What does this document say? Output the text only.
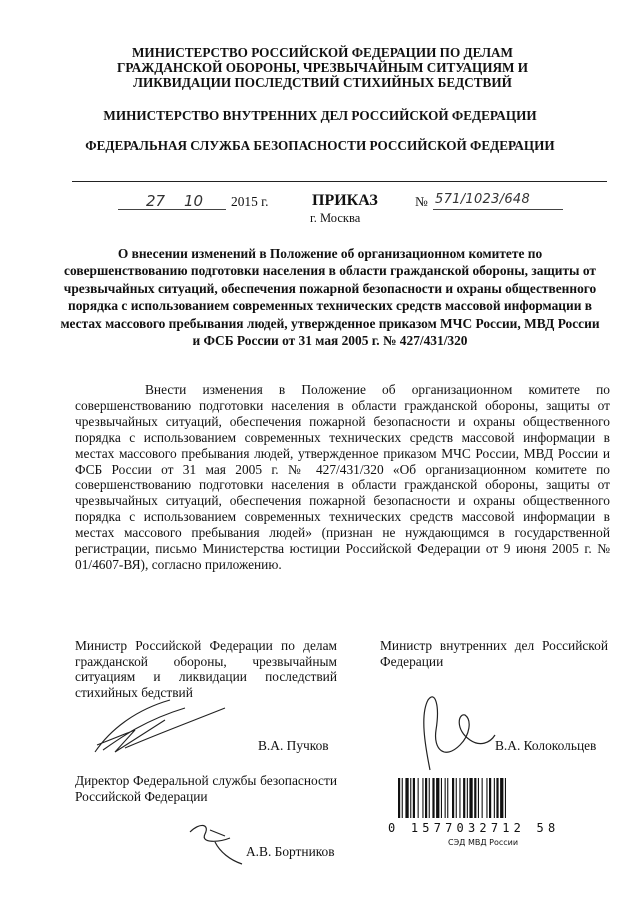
МИНИСТЕРСТВО РОССИЙСКОЙ ФЕДЕРАЦИИ ПО ДЕЛАМ ГРАЖДАНСКОЙ ОБОРОНЫ, ЧРЕЗВЫЧАЙНЫМ СИТУАЦИЯМ И ЛИКВИДАЦИИ ПОСЛЕДСТВИЙ СТИХИЙНЫХ БЕДСТВИЙ
МИНИСТЕРСТВО ВНУТРЕННИХ ДЕЛ РОССИЙСКОЙ ФЕДЕРАЦИИ
ФЕДЕРАЛЬНАЯ СЛУЖБА БЕЗОПАСНОСТИ РОССИЙСКОЙ ФЕДЕРАЦИИ
27 10 2015 г.	ПРИКАЗ
г. Москва
№ 571/1023/648
О внесении изменений в Положение об организационном комитете по совершенствованию подготовки населения в области гражданской обороны, защиты от чрезвычайных ситуаций, обеспечения пожарной безопасности и охраны общественного порядка с использованием современных технических средств массовой информации в местах массового пребывания людей, утвержденное приказом МЧС России, МВД России и ФСБ России от 31 мая 2005 г. № 427/431/320
Внести изменения в Положение об организационном комитете по совершенствованию подготовки населения в области гражданской обороны, защиты от чрезвычайных ситуаций, обеспечения пожарной безопасности и охраны общественного порядка с использованием современных технических средств массовой информации в местах массового пребывания людей, утвержденное приказом МЧС России, МВД России и ФСБ России от 31 мая 2005 г. № 427/431/320 «Об организационном комитете по совершенствованию подготовки населения в области гражданской обороны, защиты от чрезвычайных ситуаций, обеспечения пожарной безопасности и охраны общественного порядка с использованием современных технических средств массовой информации в местах массового пребывания людей» (признан не нуждающимся в государственной регистрации, письмо Министерства юстиции Российской Федерации от 9 июня 2005 г. № 01/4607-ВЯ), согласно приложению.
Министр Российской Федерации по делам гражданской обороны, чрезвычайным ситуациям и ликвидации последствий стихийных бедствий
В.А. Пучков
Министр внутренних дел Российской Федерации
В.А. Колокольцев
Директор Федеральной службы безопасности Российской Федерации
А.В. Бортников
0 1577032712 58
СЭД МВД России
